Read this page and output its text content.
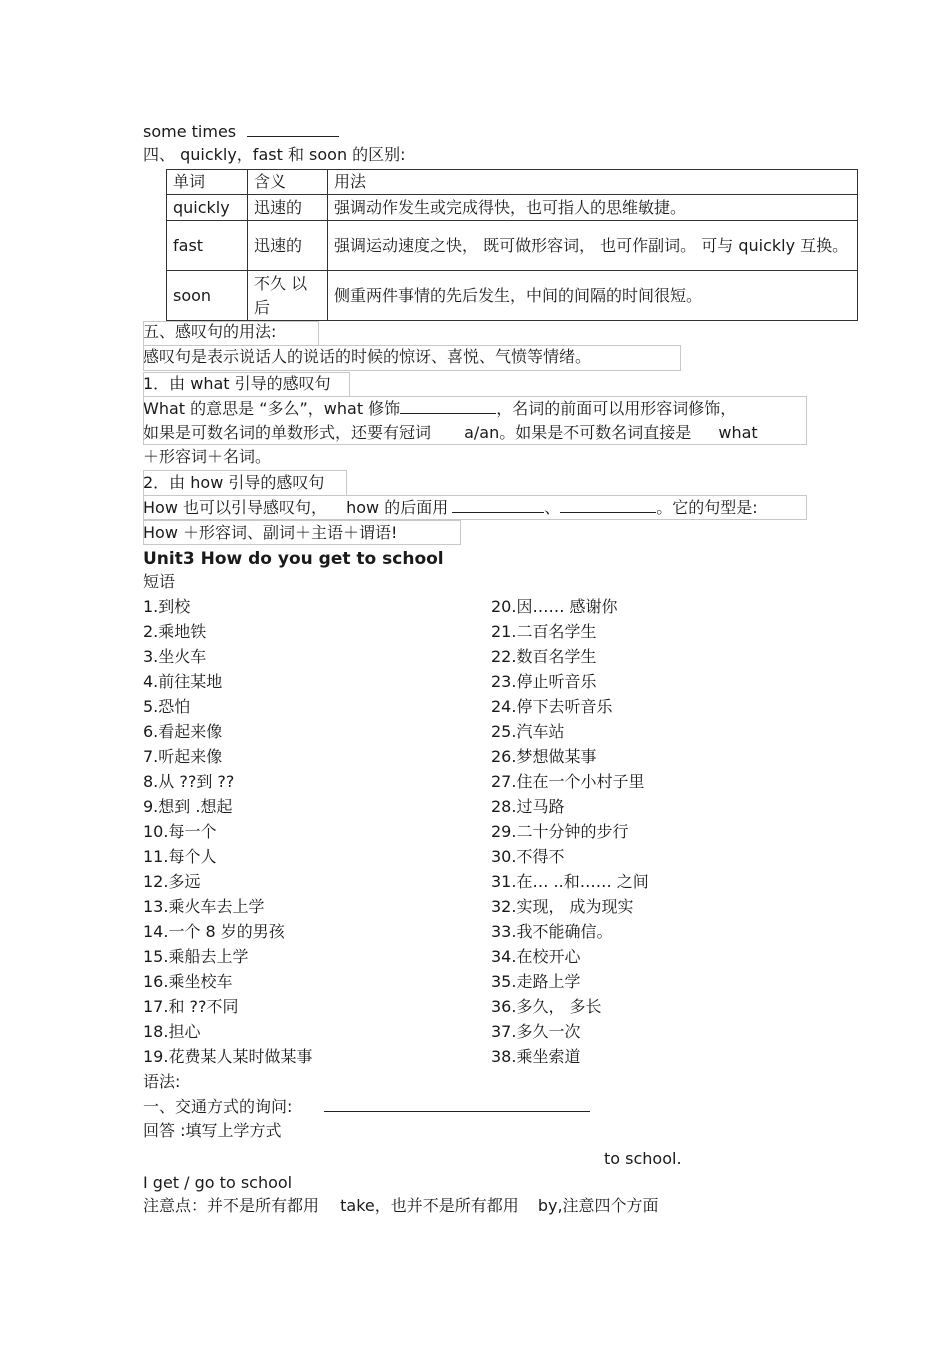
some times
四、 quickly，fast 和 soon 的区别:
单词	含义	用法
quickly	迅速的	强调动作发生或完成得快，也可指人的思维敏捷。
fast	迅速的	强调运动速度之快， 既可做形容词， 也可作副词。 可与 quickly 互换。
soon	不久 以后	侧重两件事情的先后发生，中间的间隔的时间很短。
五、感叹句的用法:
感叹句是表示说话人的说话的时候的惊讶、喜悦、气愤等情绪。
1．由 what 引导的感叹句
What 的意思是 “多么”，what 修饰	，名词的前面可以用形容词修饰，
如果是可数名词的单数形式，还要有冠词 a/an。如果是不可数名词直接是 what
＋形容词＋名词。
2．由 how 引导的感叹句
How 也可以引导感叹句， how 的后面用	、	。它的句型是:
How ＋形容词、副词＋主语＋谓语!
Unit3 How do you get to school
短语
1.到校
2.乘地铁
3.坐火车
4.前往某地
5.恐怕
6.看起来像
7.听起来像
8.从 ??到 ??
9.想到 .想起
10.每一个
11.每个人
12.多远
13.乘火车去上学
14.一个 8 岁的男孩
15.乘船去上学
16.乘坐校车
17.和 ??不同
18.担心
19.花费某人某时做某事
20.因…… 感谢你
21.二百名学生
22.数百名学生
23.停止听音乐
24.停下去听音乐
25.汽车站
26.梦想做某事
27.住在一个小村子里
28.过马路
29.二十分钟的步行
30.不得不
31.在… ..和…… 之间
32.实现， 成为现实
33.我不能确信。
34.在校开心
35.走路上学
36.多久， 多长
37.多久一次
38.乘坐索道
语法:
一、交通方式的询问:
回答 :填写上学方式
to school.
I get / go to school
注意点：并不是所有都用 take，也并不是所有都用 by,注意四个方面
